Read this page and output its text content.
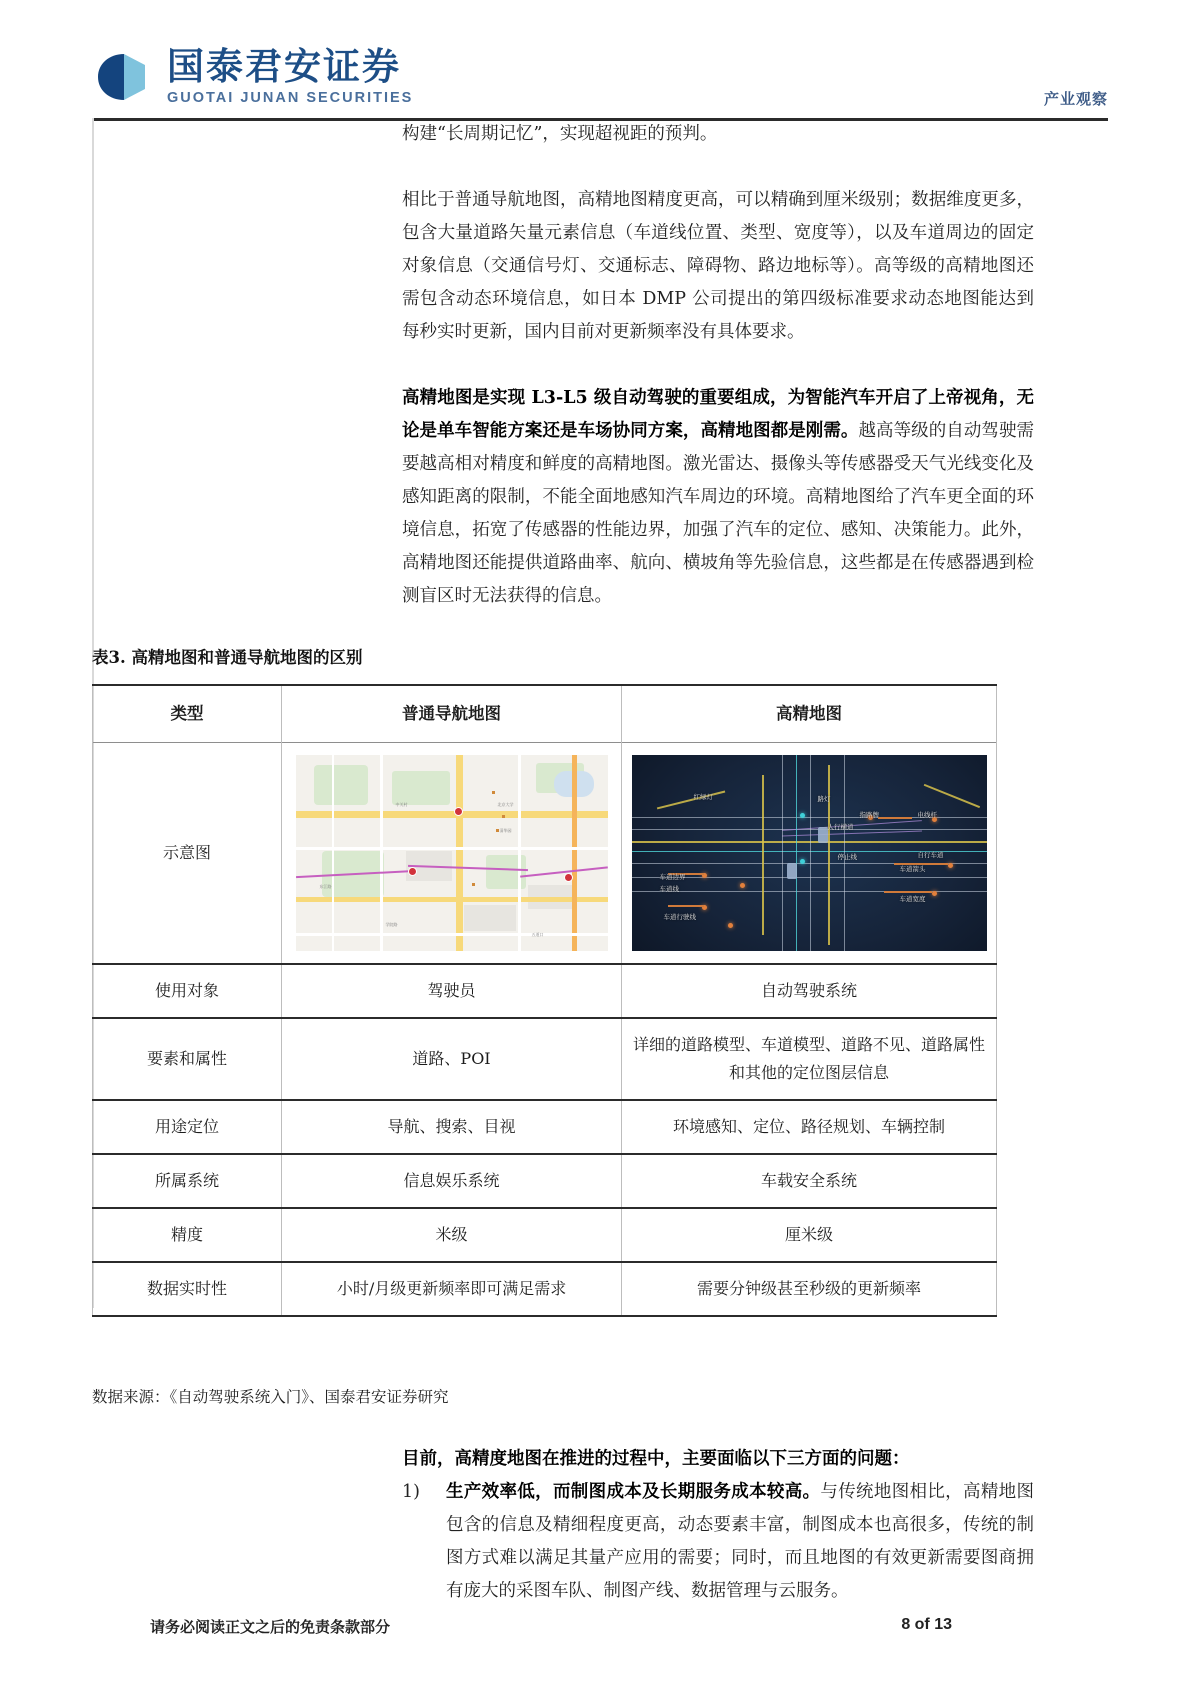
国泰君安证券
GUOTAI JUNAN SECURITIES	产业观察

构建“长周期记忆”，实现超视距的预判。

相比于普通导航地图，高精地图精度更高，可以精确到厘米级别；数据维度更多，包含大量道路矢量元素信息（车道线位置、类型、宽度等），以及车道周边的固定对象信息（交通信号灯、交通标志、障碍物、路边地标等）。高等级的高精地图还需包含动态环境信息，如日本 DMP 公司提出的第四级标准要求动态地图能达到每秒实时更新，国内目前对更新频率没有具体要求。

高精地图是实现 L3-L5 级自动驾驶的重要组成，为智能汽车开启了上帝视角，无论是单车智能方案还是车场协同方案，高精地图都是刚需。越高等级的自动驾驶需要越高相对精度和鲜度的高精地图。激光雷达、摄像头等传感器受天气光线变化及感知距离的限制，不能全面地感知汽车周边的环境。高精地图给了汽车更全面的环境信息，拓宽了传感器的性能边界，加强了汽车的定位、感知、决策能力。此外，高精地图还能提供道路曲率、航向、横坡角等先验信息，这些都是在传感器遇到检测盲区时无法获得的信息。

表3. 高精地图和普通导航地图的区别
类型	普通导航地图	高精地图
示意图	
东江路
中关村	北京大学
清华园
学院路
五道口

红绿灯	路灯
指路牌
人行横道
电线杆
停止线	自行车道
车道边界
车道线
车道行驶线
车道箭头
车道宽度

使用对象	驾驶员	自动驾驶系统
要素和属性	道路、POI	详细的道路模型、车道模型、道路不见、道路属性和其他的定位图层信息
用途定位	导航、搜索、目视	环境感知、定位、路径规划、车辆控制
所属系统	信息娱乐系统	车载安全系统
精度	米级	厘米级
数据实时性	小时/月级更新频率即可满足需求	需要分钟级甚至秒级的更新频率
数据来源：《自动驾驶系统入门》、国泰君安证券研究
目前，高精度地图在推进的过程中，主要面临以下三方面的问题：
1)	生产效率低，而制图成本及长期服务成本较高。与传统地图相比，高精地图包含的信息及精细程度更高，动态要素丰富，制图成本也高很多，传统的制图方式难以满足其量产应用的需要；同时，而且地图的有效更新需要图商拥有庞大的采图车队、制图产线、数据管理与云服务。
请务必阅读正文之后的免责条款部分	8 of 13
